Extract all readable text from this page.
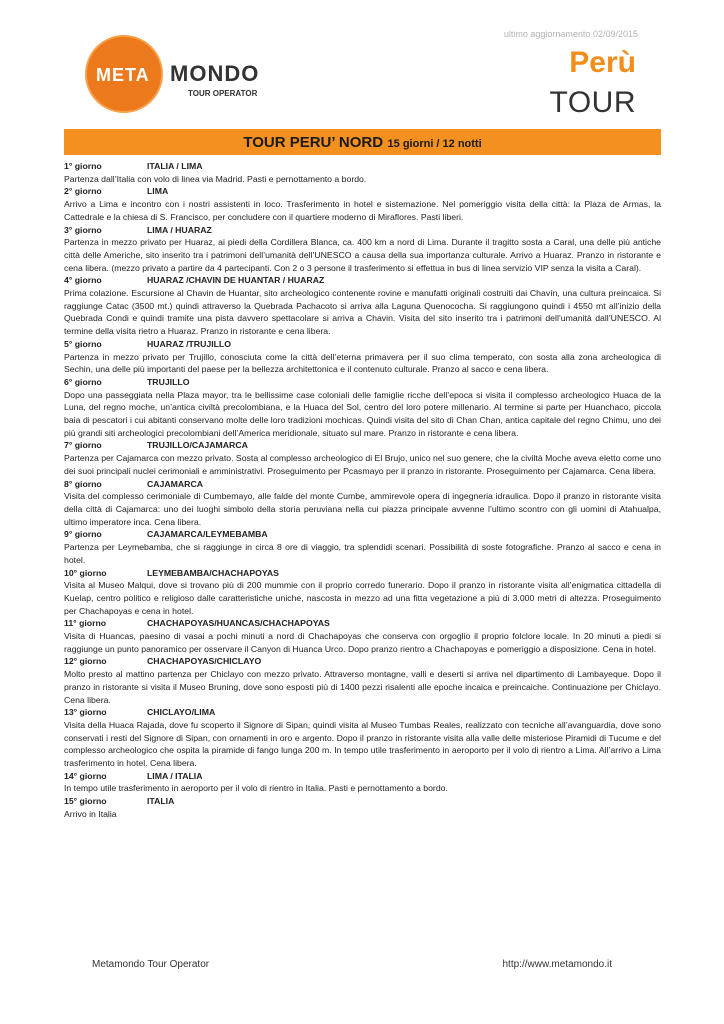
ultimo aggiornamento 02/09/2015
META MONDO
TOUR OPERATOR
Perù
TOUR
TOUR PERU’ NORD 15 giorni / 12 notti
1° giorno	ITALIA / LIMA
Partenza dall’Italia con volo di linea via Madrid. Pasti e pernottamento a bordo.
2° giorno	LIMA
Arrivo a Lima e incontro con i nostri assistenti in loco. Trasferimento in hotel e sistemazione. Nel pomeriggio visita della città: la Plaza de Armas, la Cattedrale e la chiesa di S. Francisco, per concludere con il quartiere moderno di Miraflores. Pasti liberi.
3° giorno	LIMA / HUARAZ
Partenza in mezzo privato per Huaraz, ai piedi della Cordillera Blanca, ca. 400 km a nord di Lima. Durante il tragitto sosta a Caral, una delle più antiche città delle Americhe, sito inserito tra i patrimoni dell’umanità dell’UNESCO a causa della sua importanza culturale. Arrivo a Huaraz. Pranzo in ristorante e cena libera. (mezzo privato a partire da 4 partecipanti. Con 2 o 3 persone il trasferimento si effettua in bus di linea servizio VIP senza la visita a Caral).
4° giorno	HUARAZ /CHAVIN DE HUANTAR / HUARAZ
Prima colazione. Escursione al Chavin de Huantar, sito archeologico contenente rovine e manufatti originali costruiti dai Chavín, una cultura preincaica. Si raggiunge Catac (3500 mt.) quindi attraverso la Quebrada Pachacoto si arriva alla Laguna Quenococha. Si raggiungono quindi i 4550 mt all’inizio della Quebrada Condi e quindi tramite una pista davvero spettacolare si arriva a Chavin. Visita del sito inserito tra i patrimoni dell’umanità dall’UNESCO. Al termine della visita rietro a Huaraz. Pranzo in ristorante e cena libera.
5° giorno	HUARAZ /TRUJILLO
Partenza in mezzo privato per Trujillo, conosciuta come la città dell’eterna primavera per il suo clima temperato, con sosta alla zona archeologica di Sechin, una delle più importanti del paese per la bellezza architettonica e il contenuto culturale. Pranzo al sacco e cena libera.
6° giorno	TRUJILLO
Dopo una passeggiata nella Plaza mayor, tra le bellissime case coloniali delle famiglie ricche dell’epoca si visita il complesso archeologico Huaca de la Luna, del regno moche, un’antica civiltà precolombiana, e la Huaca del Sol, centro del loro potere millenario. Al termine si parte per Huanchaco, piccola baia di pescatori i cui abitanti conservano molte delle loro tradizioni mochicas. Quindi visita del sito di Chan Chan, antica capitale del regno Chimu, uno dei più grandi siti archeologici precolombiani dell’America meridionale, situato sul mare. Pranzo in ristorante e cena libera.
7° giorno	TRUJILLO/CAJAMARCA
Partenza per Cajamarca con mezzo privato. Sosta al complesso archeologico di El Brujo, unico nel suo genere, che la civiltà Moche aveva eletto come uno dei suoi principali nuclei cerimoniali e amministrativi. Proseguimento per Pcasmayo per il pranzo in ristorante. Proseguimento per Cajamarca. Cena libera.
8° giorno	CAJAMARCA
Visita del complesso cerimoniale di Cumbemayo, alle falde del monte Cumbe, ammirevole opera di ingegneria idraulica. Dopo il pranzo in ristorante visita della città di Cajamarca: uno dei luoghi simbolo della storia peruviana nella cui piazza principale avvenne l’ultimo scontro con gli uomini di Atahualpa, ultimo imperatore inca. Cena libera.
9° giorno	CAJAMARCA/LEYMEBAMBA
Partenza per Leymebamba, che si raggiunge in circa 8 ore di viaggio, tra splendidi scenari. Possibilità di soste fotografiche. Pranzo al sacco e cena in hotel.
10° giorno	LEYMEBAMBA/CHACHAPOYAS
Visita al Museo Malqui, dove si trovano più di 200 mummie con il proprio corredo funerario. Dopo il pranzo in ristorante visita all’enigmatica cittadella di Kuelap, centro politico e religioso dalle caratteristiche uniche, nascosta in mezzo ad una fitta vegetazione a più di 3.000 metri di altezza. Proseguimento per Chachapoyas e cena in hotel.
11° giorno	CHACHAPOYAS/HUANCAS/CHACHAPOYAS
Visita di Huancas, paesino di vasai a pochi minuti a nord di Chachapoyas che conserva con orgoglio il proprio folclore locale. In 20 minuti a piedi si raggiunge un punto panoramico per osservare il Canyon di Huanca Urco. Dopo pranzo rientro a Chachapoyas e pomeriggio a disposizione. Cena in hotel.
12° giorno	CHACHAPOYAS/CHICLAYO
Molto presto al mattino partenza per Chiclayo con mezzo privato. Attraverso montagne, valli e deserti si arriva nel dipartimento di Lambayeque. Dopo il pranzo in ristorante si visita il Museo Bruning, dove sono esposti più di 1400 pezzi risalenti alle epoche incaica e preincaiche. Continuazione per Chiclayo. Cena libera.
13° giorno	CHICLAYO/LIMA
Visita della Huaca Rajada, dove fu scoperto il Signore di Sipan, quindi visita al Museo Tumbas Reales, realizzato con tecniche all’avanguardia, dove sono conservati i resti del Signore di Sipan, con ornamenti in oro e argento. Dopo il pranzo in ristorante visita alla valle delle misteriose Piramidi di Tucume e del complesso archeologico che ospita la piramide di fango lunga 200 m. In tempo utile trasferimento in aeroporto per il volo di rientro a Lima. All’arrivo a Lima trasferimento in hotel. Cena libera.
14° giorno	LIMA / ITALIA
In tempo utile trasferimento in aeroporto per il volo di rientro in Italia. Pasti e pernottamento a bordo.
15° giorno	ITALIA
Arrivo in Italia
Metamondo Tour Operator	http://www.metamondo.it
